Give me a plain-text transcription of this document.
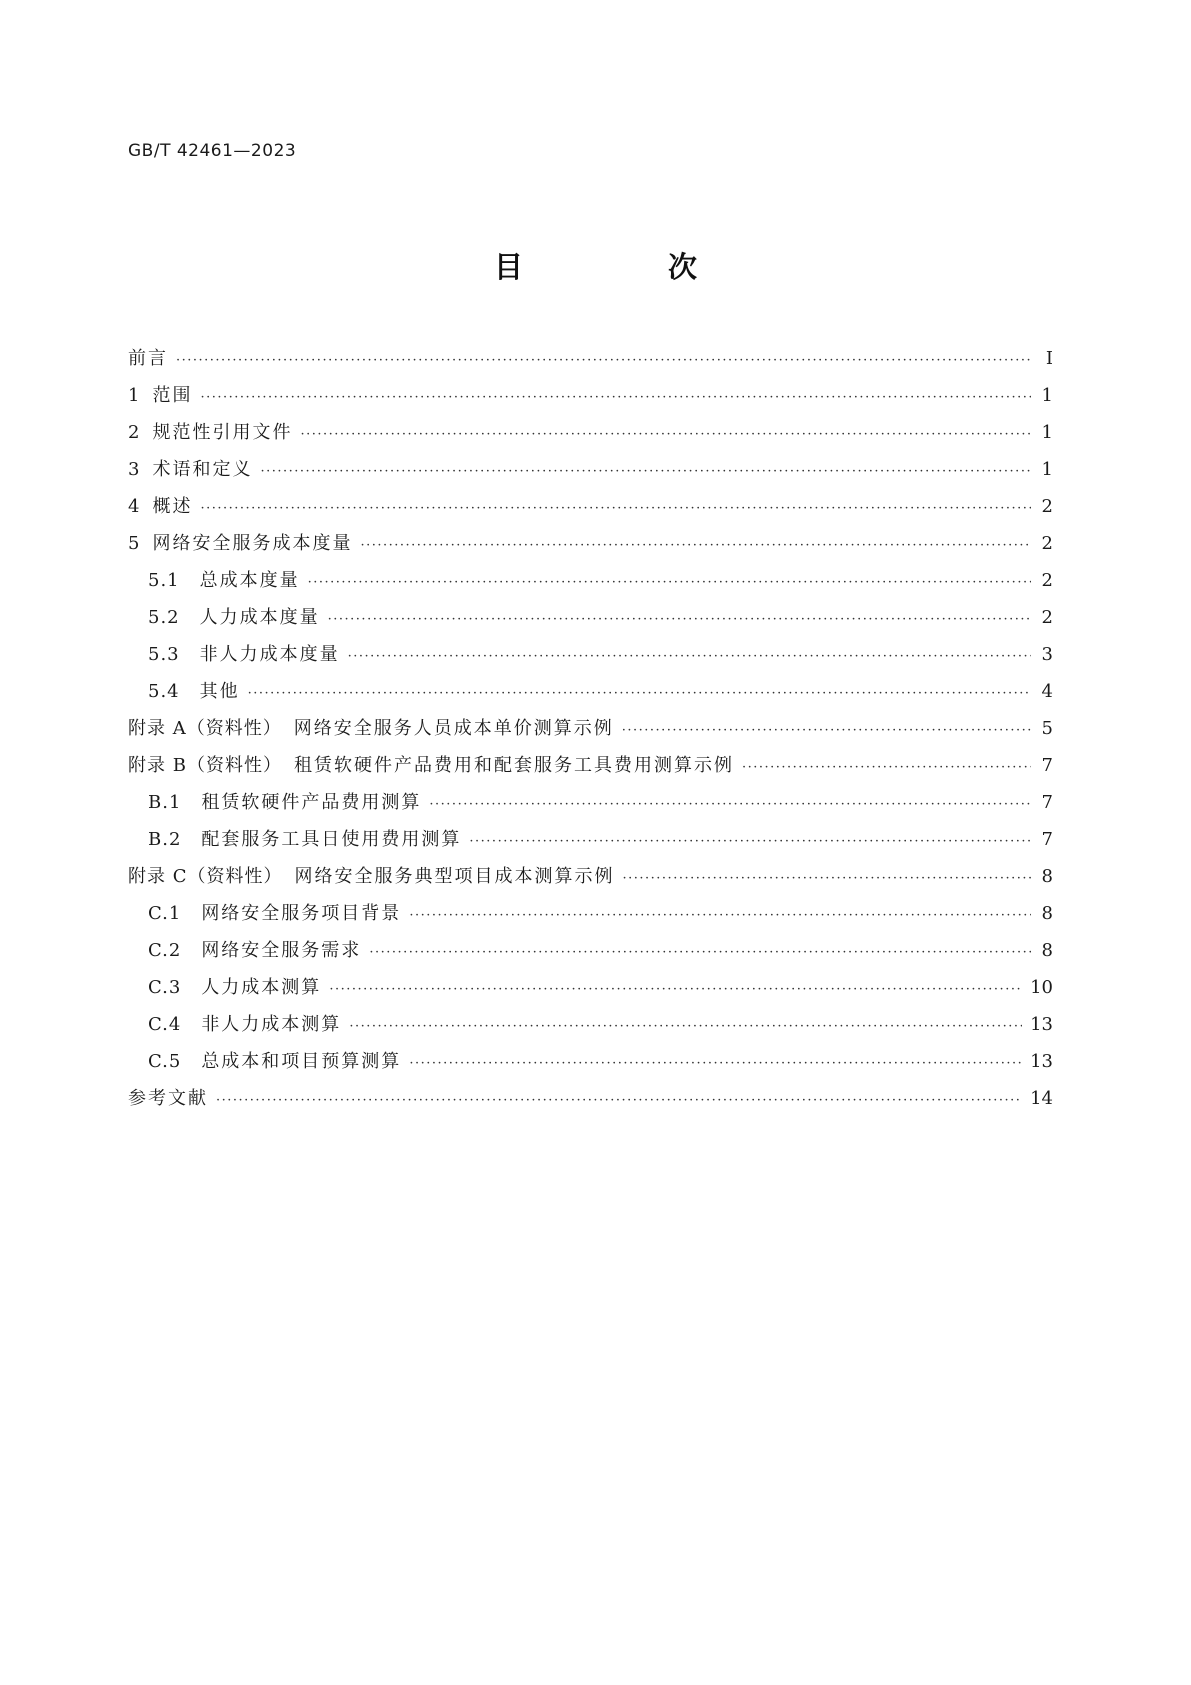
GB/T 42461—2023
目　次
前言 ·····	Ⅰ
1 范围 ·····	1
2 规范性引用文件 ·····	1
3 术语和定义 ·····	1
4 概述 ·····	2
5 网络安全服务成本度量 ·····	2
5.1 总成本度量 ·····	2
5.2 人力成本度量 ·····	2
5.3 非人力成本度量 ·····	3
5.4 其他 ·····	4
附录 A（资料性） 网络安全服务人员成本单价测算示例 ·····	5
附录 B（资料性） 租赁软硬件产品费用和配套服务工具费用测算示例 ·····	7
B.1 租赁软硬件产品费用测算 ·····	7
B.2 配套服务工具日使用费用测算 ·····	7
附录 C（资料性） 网络安全服务典型项目成本测算示例 ·····	8
C.1 网络安全服务项目背景 ·····	8
C.2 网络安全服务需求 ·····	8
C.3 人力成本测算 ·····	10
C.4 非人力成本测算 ·····	13
C.5 总成本和项目预算测算 ·····	13
参考文献 ·····	14
